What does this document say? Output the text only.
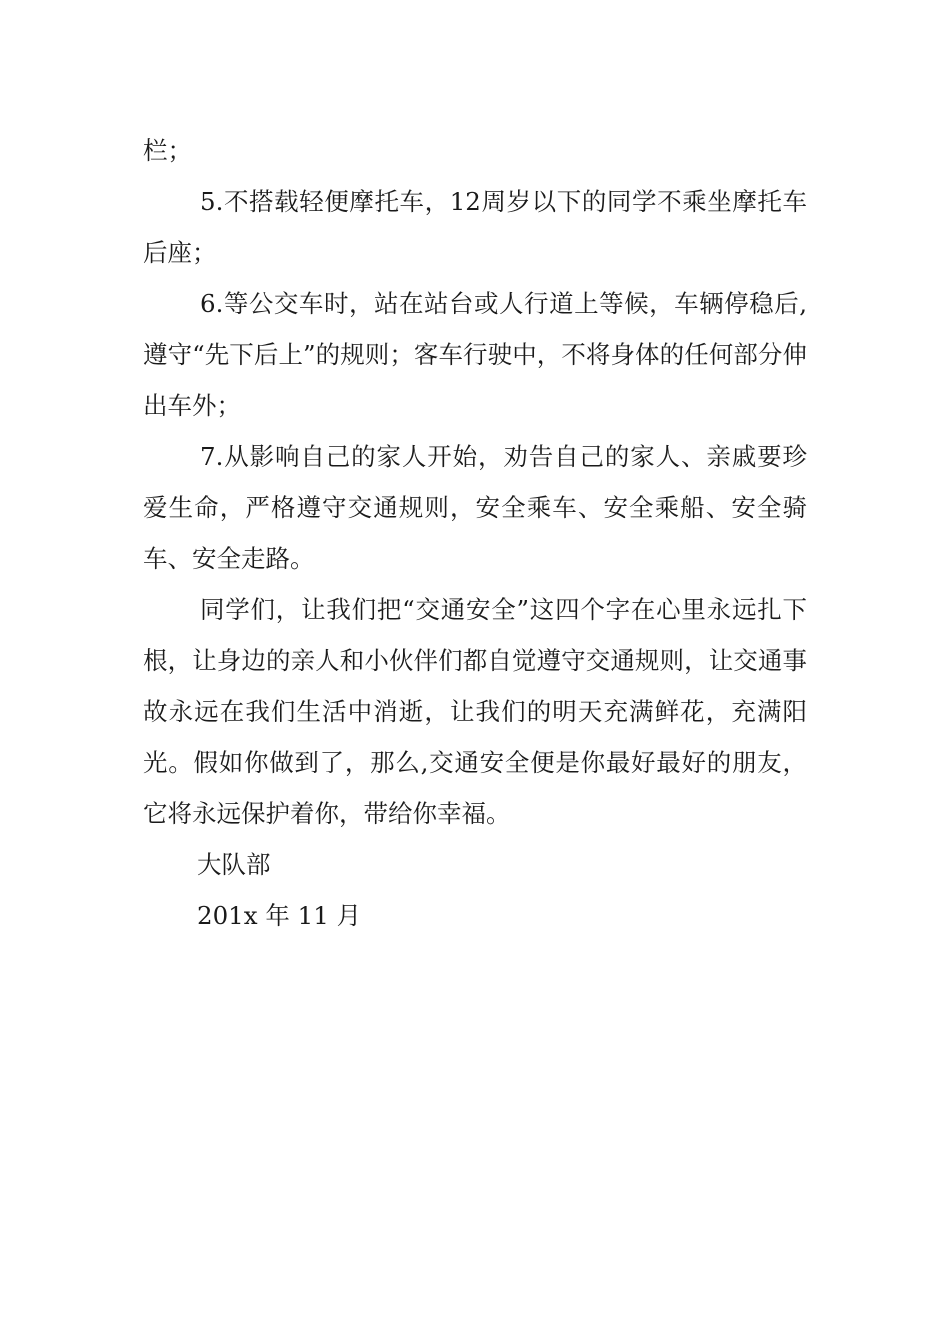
栏；

5.不搭载轻便摩托车，12周岁以下的同学不乘坐摩托车后座；

6.等公交车时，站在站台或人行道上等候，车辆停稳后,遵守“先下后上”的规则；客车行驶中，不将身体的任何部分伸出车外；

7.从影响自己的家人开始，劝告自己的家人、亲戚要珍爱生命，严格遵守交通规则，安全乘车、安全乘船、安全骑车、安全走路。

同学们，让我们把“交通安全”这四个字在心里永远扎下根，让身边的亲人和小伙伴们都自觉遵守交通规则，让交通事故永远在我们生活中消逝，让我们的明天充满鲜花，充满阳光。假如你做到了，那么,交通安全便是你最好最好的朋友，它将永远保护着你，带给你幸福。

大队部

201x 年 11 月
